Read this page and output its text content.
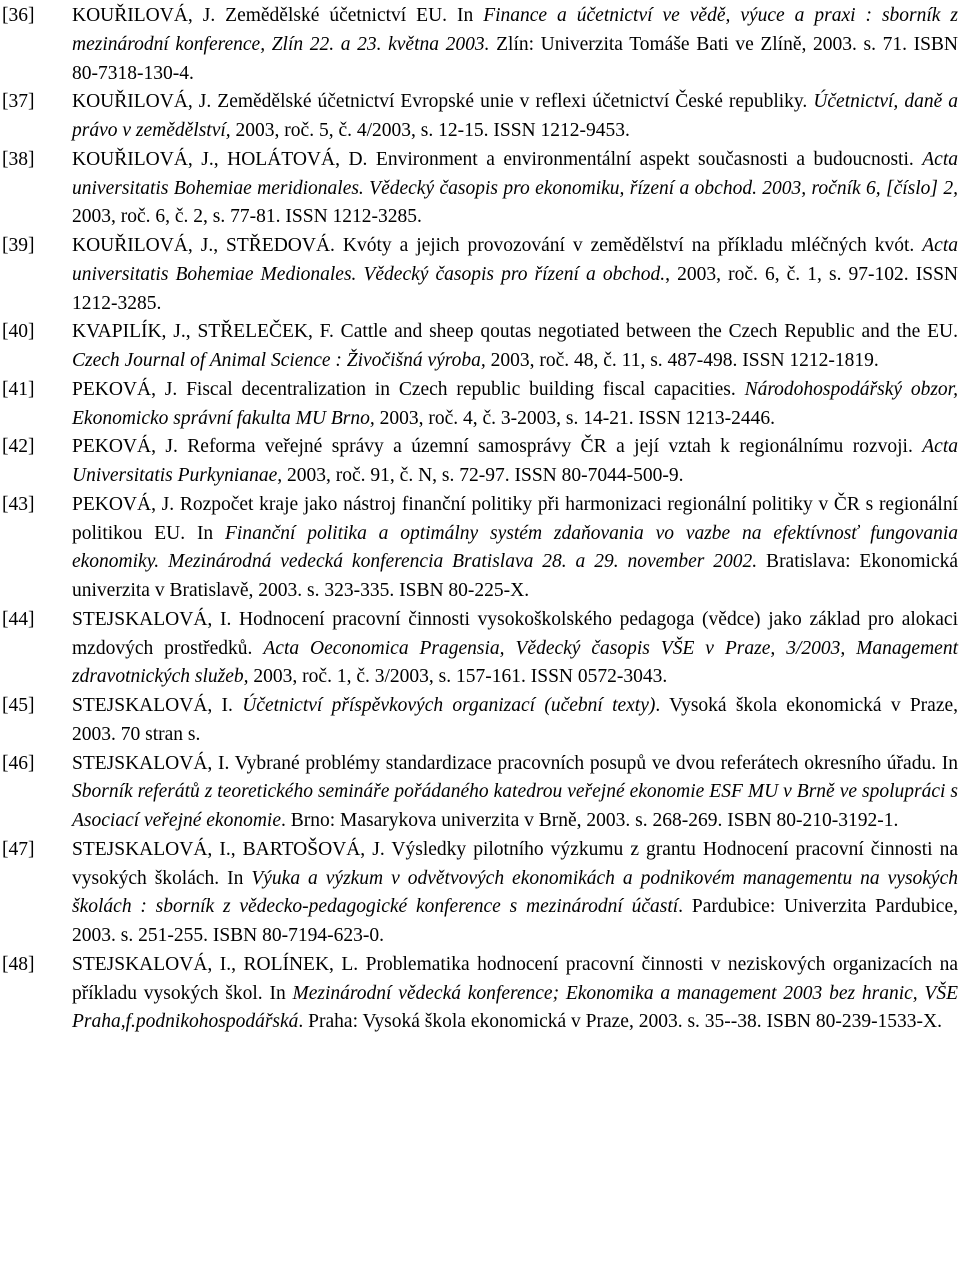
[36]	KOUŘILOVÁ, J. Zemědělské účetnictví EU. In Finance a účetnictví ve vědě, výuce a praxi : sborník z mezinárodní konference, Zlín 22. a 23. května 2003. Zlín: Univerzita Tomáše Bati ve Zlíně, 2003. s. 71. ISBN 80-7318-130-4.
[37]	KOUŘILOVÁ, J. Zemědělské účetnictví Evropské unie v reflexi účetnictví České republiky. Účetnictví, daně a právo v zemědělství, 2003, roč. 5, č. 4/2003, s. 12-15. ISSN 1212-9453.
[38]	KOUŘILOVÁ, J., HOLÁTOVÁ, D. Environment a environmentální aspekt současnosti a budoucnosti. Acta universitatis Bohemiae meridionales. Vědecký časopis pro ekonomiku, řízení a obchod. 2003, ročník 6, [číslo] 2, 2003, roč. 6, č. 2, s. 77-81. ISSN 1212-3285.
[39]	KOUŘILOVÁ, J., STŘEDOVÁ. Kvóty a jejich provozování v zemědělství na příkladu mléčných kvót. Acta universitatis Bohemiae Medionales. Vědecký časopis pro řízení a obchod., 2003, roč. 6, č. 1, s. 97-102. ISSN 1212-3285.
[40]	KVAPILÍK, J., STŘELEČEK, F. Cattle and sheep qoutas negotiated between the Czech Republic and the EU. Czech Journal of Animal Science : Živočišná výroba, 2003, roč. 48, č. 11, s. 487-498. ISSN 1212-1819.
[41]	PEKOVÁ, J. Fiscal decentralization in Czech republic building fiscal capacities. Národohospodářský obzor, Ekonomicko správní fakulta MU Brno, 2003, roč. 4, č. 3-2003, s. 14-21. ISSN 1213-2446.
[42]	PEKOVÁ, J. Reforma veřejné správy a územní samosprávy ČR a její vztah k regionálnímu rozvoji. Acta Universitatis Purkynianae, 2003, roč. 91, č. N, s. 72-97. ISSN 80-7044-500-9.
[43]	PEKOVÁ, J. Rozpočet kraje jako nástroj finanční politiky při harmonizaci regionální politiky v ČR s regionální politikou EU. In Finanční politika a optimálny systém zdaňovania vo vazbe na efektívnosť fungovania ekonomiky. Mezinárodná vedecká konferencia Bratislava 28. a 29. november 2002. Bratislava: Ekonomická univerzita v Bratislavě, 2003. s. 323-335. ISBN 80-225-X.
[44]	STEJSKALOVÁ, I. Hodnocení pracovní činnosti vysokoškolského pedagoga (vědce) jako základ pro alokaci mzdových prostředků. Acta Oeconomica Pragensia, Vědecký časopis VŠE v Praze, 3/2003, Management zdravotnických služeb, 2003, roč. 1, č. 3/2003, s. 157-161. ISSN 0572-3043.
[45]	STEJSKALOVÁ, I. Účetnictví příspěvkových organizací (učební texty). Vysoká škola ekonomická v Praze, 2003. 70 stran s.
[46]	STEJSKALOVÁ, I. Vybrané problémy standardizace pracovních posupů ve dvou referátech okresního úřadu. In Sborník referátů z teoretického semináře pořádaného katedrou veřejné ekonomie ESF MU v Brně ve spolupráci s Asociací veřejné ekonomie. Brno: Masarykova univerzita v Brně, 2003. s. 268-269. ISBN 80-210-3192-1.
[47]	STEJSKALOVÁ, I., BARTOŠOVÁ, J. Výsledky pilotního výzkumu z grantu Hodnocení pracovní činnosti na vysokých školách. In Výuka a výzkum v odvětvových ekonomikách a podnikovém managementu na vysokých školách : sborník z vědecko-pedagogické konference s mezinárodní účastí. Pardubice: Univerzita Pardubice, 2003. s. 251-255. ISBN 80-7194-623-0.
[48]	STEJSKALOVÁ, I., ROLÍNEK, L. Problematika hodnocení pracovní činnosti v neziskových organizacích na příkladu vysokých škol. In Mezinárodní vědecká konference; Ekonomika a management 2003 bez hranic, VŠE Praha,f.podnikohospodářská. Praha: Vysoká škola ekonomická v Praze, 2003. s. 35--38. ISBN 80-239-1533-X.
